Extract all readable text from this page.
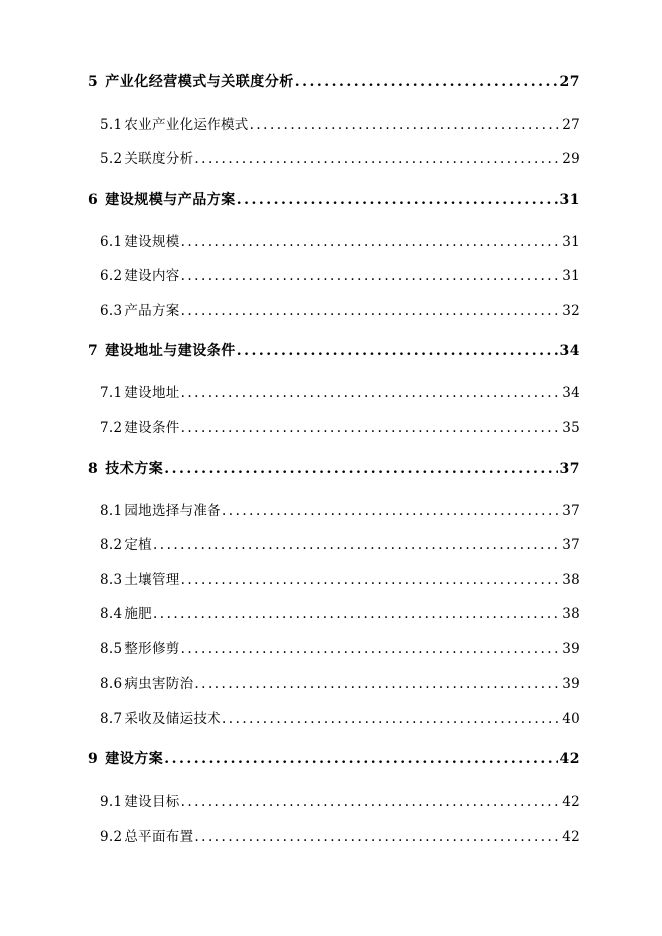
5 产业化经营模式与关联度分析 .....	27
5.1 农业产业化运作模式 .....	27
5.2 关联度分析 .....	29
6 建设规模与产品方案 .....	31
6.1 建设规模 .....	31
6.2 建设内容 .....	31
6.3 产品方案 .....	32
7 建设地址与建设条件 .....	34
7.1 建设地址 .....	34
7.2 建设条件 .....	35
8 技术方案 .....	37
8.1 园地选择与准备 .....	37
8.2 定植 .....	37
8.3 土壤管理 .....	38
8.4 施肥 .....	38
8.5 整形修剪 .....	39
8.6 病虫害防治 .....	39
8.7 采收及储运技术 .....	40
9 建设方案 .....	42
9.1 建设目标 .....	42
9.2 总平面布置 .....	42
